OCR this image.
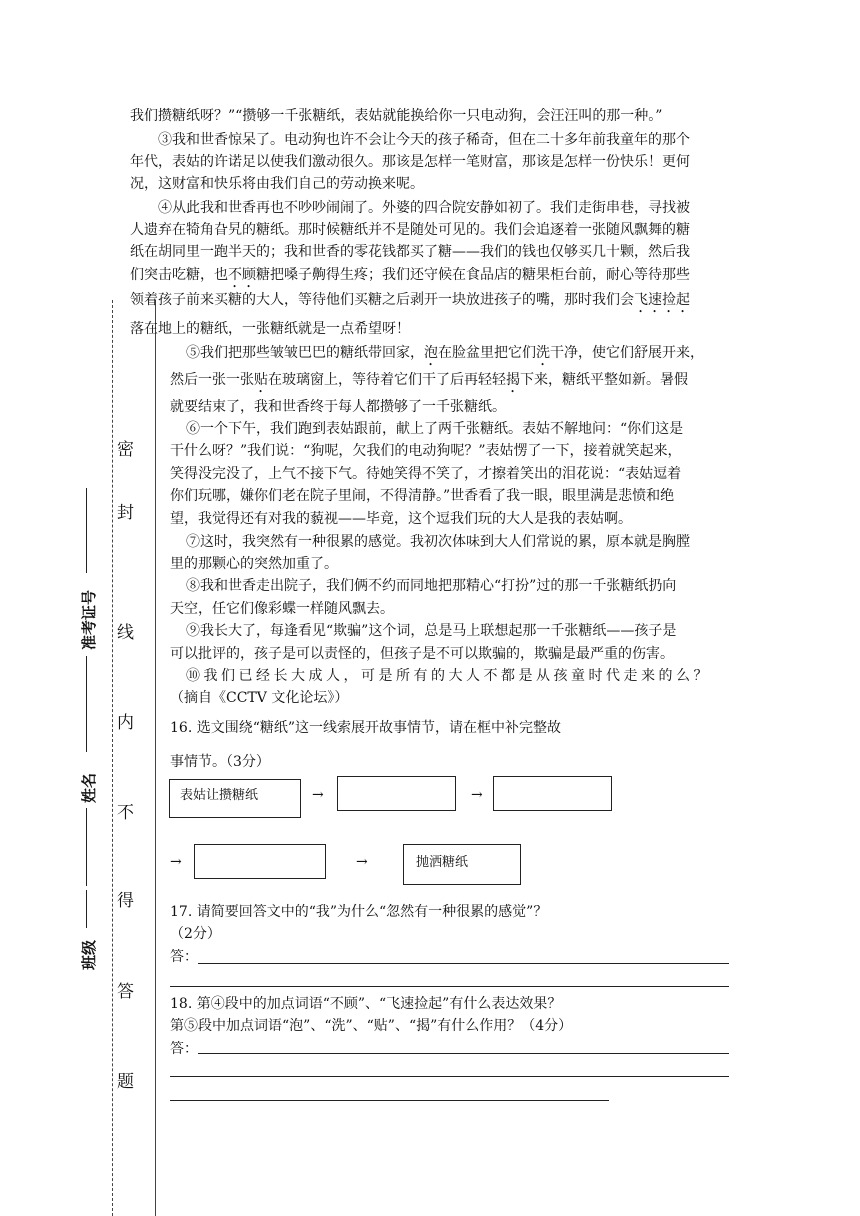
密
封
线
内
不
得
答
题
准考证号
姓名
班级
我们攒糖纸呀？”“攒够一千张糖纸，表姑就能换给你一只电动狗，会汪汪叫的那一种。”
③我和世香惊呆了。电动狗也许不会让今天的孩子稀奇，但在二十多年前我童年的那个
年代，表姑的许诺足以使我们激动很久。那该是怎样一笔财富，那该是怎样一份快乐！更何
况，这财富和快乐将由我们自己的劳动换来呢。
④从此我和世香再也不吵吵闹闹了。外婆的四合院安静如初了。我们走街串巷，寻找被
人遗弃在犄角旮旯的糖纸。那时候糖纸并不是随处可见的。我们会追逐着一张随风飘舞的糖
纸在胡同里一跑半天的；我和世香的零花钱都买了糖——我们的钱也仅够买几十颗，然后我
们突击吃糖，也不顾糖把嗓子齁得生疼；我们还守候在食品店的糖果柜台前，耐心等待那些
领着孩子前来买糖的大人，等待他们买糖之后剥开一块放进孩子的嘴，那时我们会飞速捡起
落在地上的糖纸，一张糖纸就是一点希望呀！
⑤我们把那些皱皱巴巴的糖纸带回家，泡在脸盆里把它们洗干净，使它们舒展开来，
然后一张一张贴在玻璃窗上，等待着它们干了后再轻轻揭下来，糖纸平整如新。暑假
就要结束了，我和世香终于每人都攒够了一千张糖纸。
⑥一个下午，我们跑到表姑跟前，献上了两千张糖纸。表姑不解地问：“你们这是
干什么呀？”我们说：“狗呢，欠我们的电动狗呢？”表姑愣了一下，接着就笑起来，
笑得没完没了，上气不接下气。待她笑得不笑了，才擦着笑出的泪花说：“表姑逗着
你们玩哪，嫌你们老在院子里闹，不得清静。”世香看了我一眼，眼里满是悲愤和绝
望，我觉得还有对我的藐视——毕竟，这个逗我们玩的大人是我的表姑啊。
⑦这时，我突然有一种很累的感觉。我初次体味到大人们常说的累，原本就是胸膛
里的那颗心的突然加重了。
⑧我和世香走出院子，我们俩不约而同地把那精心“打扮”过的那一千张糖纸扔向
天空，任它们像彩蝶一样随风飘去。
⑨我长大了，每逢看见“欺骗”这个词，总是马上联想起那一千张糖纸——孩子是
可以批评的，孩子是可以责怪的，但孩子是不可以欺骗的，欺骗是最严重的伤害。
⑩我们已经长大成人，可是所有的大人不都是从孩童时代走来的么？
（摘自《CCTV 文化论坛》）
16. 选文围绕“糖纸”这一线索展开故事情节，请在框中补完整故
事情节。（3分）
表姑让攒糖纸	→	→
→	→	抛洒糖纸
17. 请简要回答文中的“我”为什么“忽然有一种很累的感觉”？
（2分）
答：
18. 第④段中的加点词语“不顾”、“飞速捡起”有什么表达效果？
第⑤段中加点词语“泡”、“洗”、“贴”、“揭”有什么作用？（4分）
答：
